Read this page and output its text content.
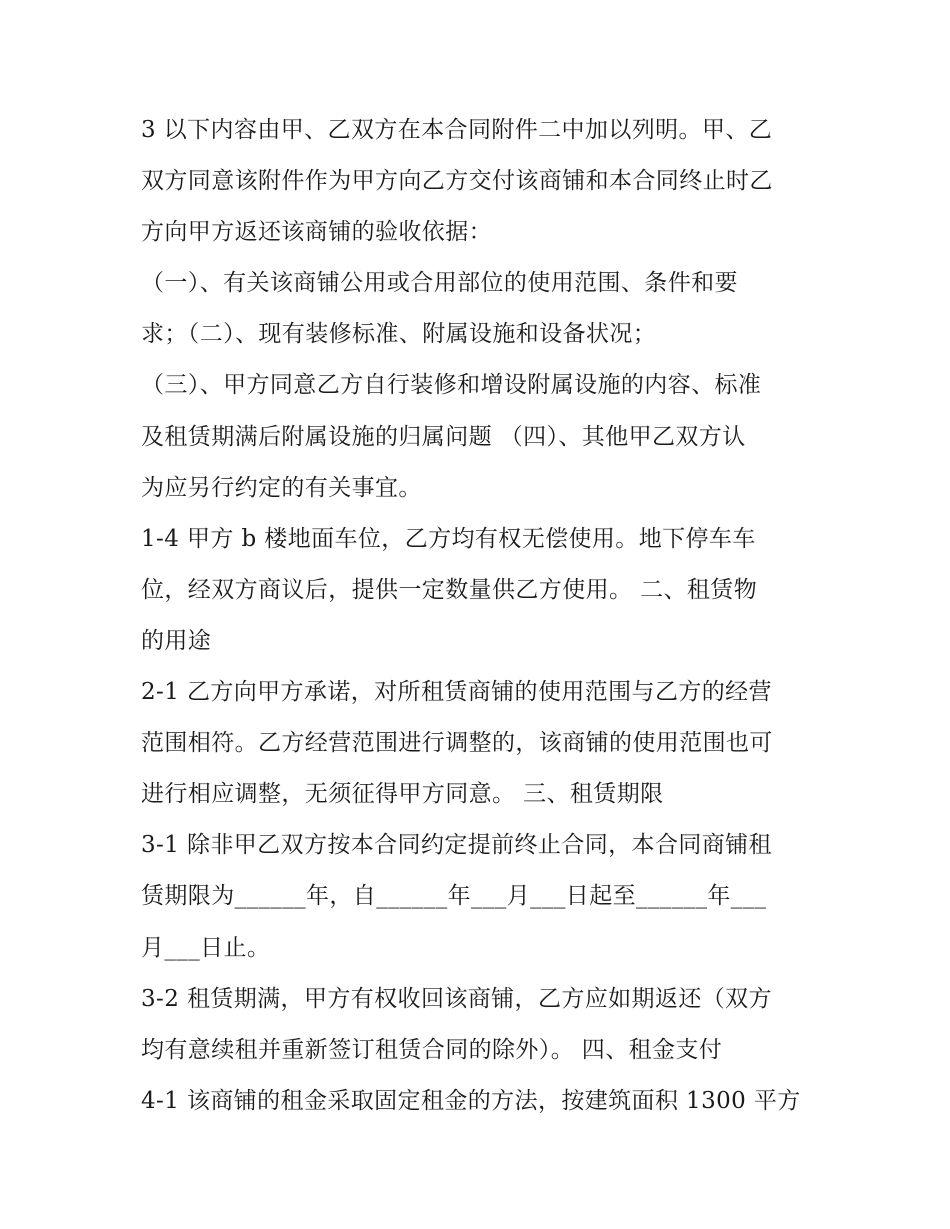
3 以下内容由甲、乙双方在本合同附件二中加以列明。甲、乙
双方同意该附件作为甲方向乙方交付该商铺和本合同终止时乙
方向甲方返还该商铺的验收依据：
（一）、有关该商铺公用或合用部位的使用范围、条件和要
求；（二）、现有装修标准、附属设施和设备状况；
（三）、甲方同意乙方自行装修和增设附属设施的内容、标准
及租赁期满后附属设施的归属问题 （四）、其他甲乙双方认
为应另行约定的有关事宜。
1-4 甲方 b 楼地面车位，乙方均有权无偿使用。地下停车车
位，经双方商议后，提供一定数量供乙方使用。 二、租赁物
的用途
2-1 乙方向甲方承诺，对所租赁商铺的使用范围与乙方的经营
范围相符。乙方经营范围进行调整的，该商铺的使用范围也可
进行相应调整，无须征得甲方同意。 三、租赁期限
3-1 除非甲乙双方按本合同约定提前终止合同，本合同商铺租
赁期限为______年，自______年___月___日起至______年___
月___日止。
3-2 租赁期满，甲方有权收回该商铺，乙方应如期返还（双方
均有意续租并重新签订租赁合同的除外）。 四、租金支付
4-1 该商铺的租金采取固定租金的方法，按建筑面积 1300 平方
